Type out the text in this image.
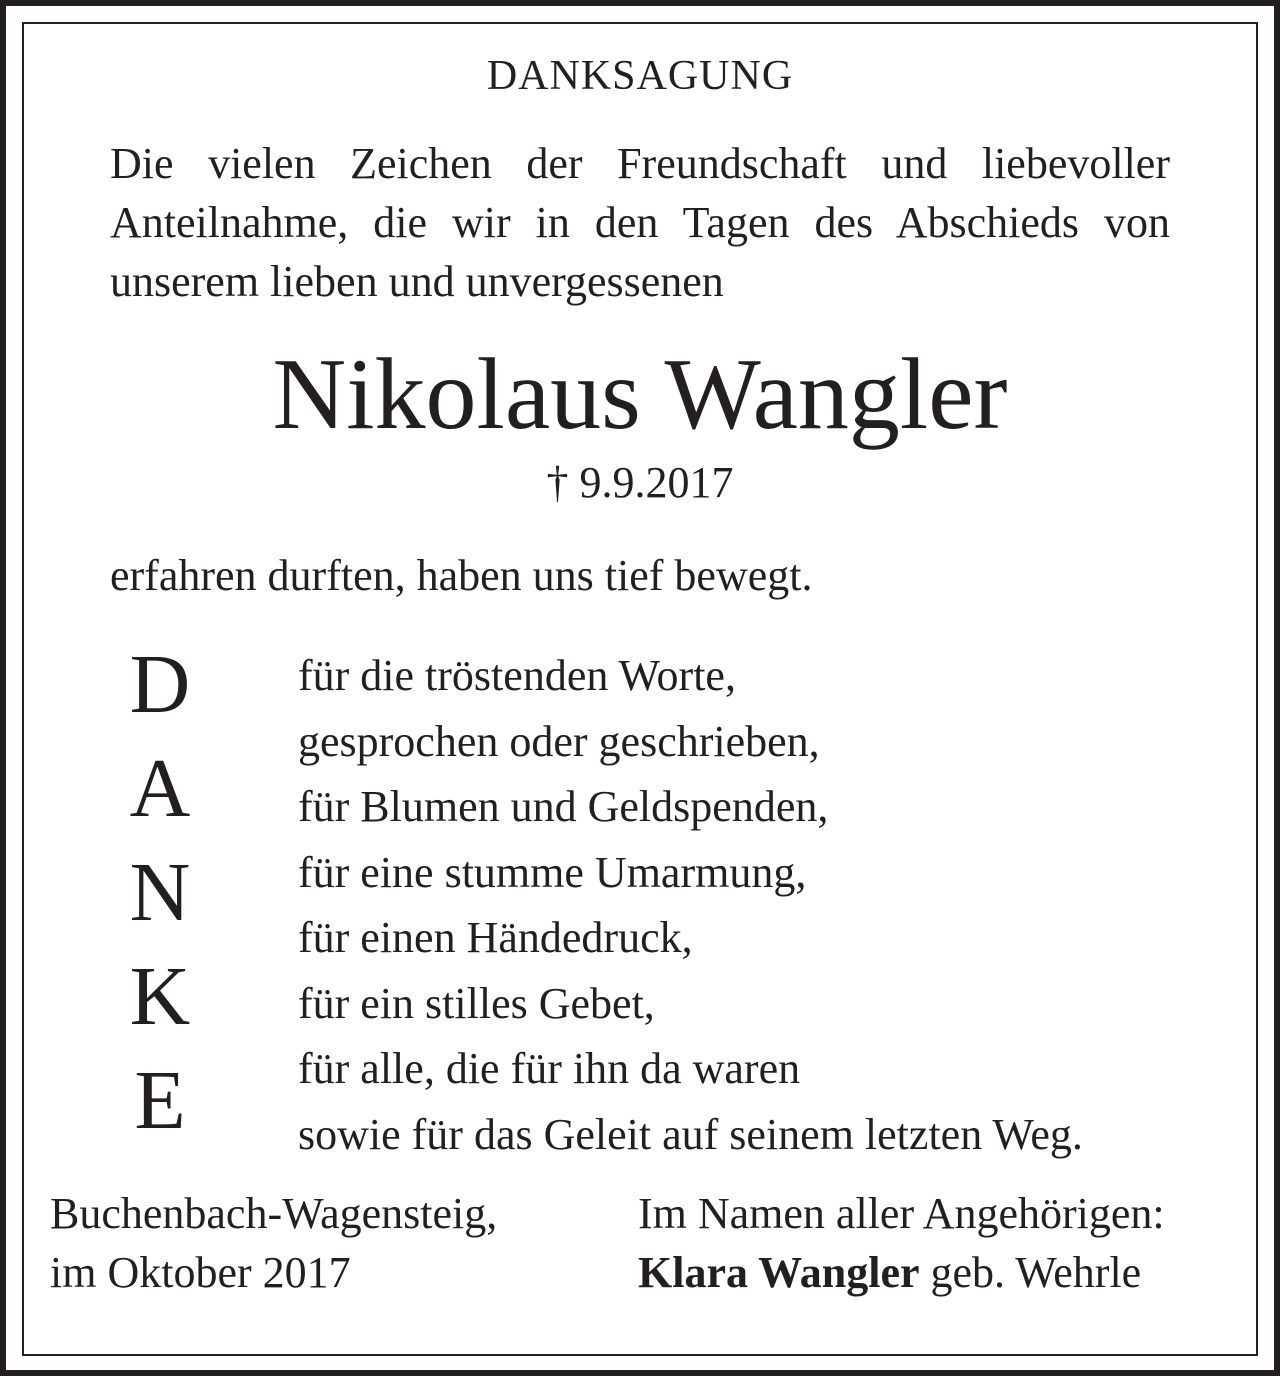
DANKSAGUNG
Die vielen Zeichen der Freundschaft und liebevoller
Anteilnahme, die wir in den Tagen des Abschieds von
unserem lieben und unvergessenen
Nikolaus Wangler
† 9.9.2017
erfahren durften, haben uns tief bewegt.
D
A
N
K
E
für die tröstenden Worte,
gesprochen oder geschrieben,
für Blumen und Geldspenden,
für eine stumme Umarmung,
für einen Händedruck,
für ein stilles Gebet,
für alle, die für ihn da waren
sowie für das Geleit auf seinem letzten Weg.
Buchenbach-Wagensteig,
im Oktober 2017
Im Namen aller Angehörigen:
Klara Wangler geb. Wehrle
